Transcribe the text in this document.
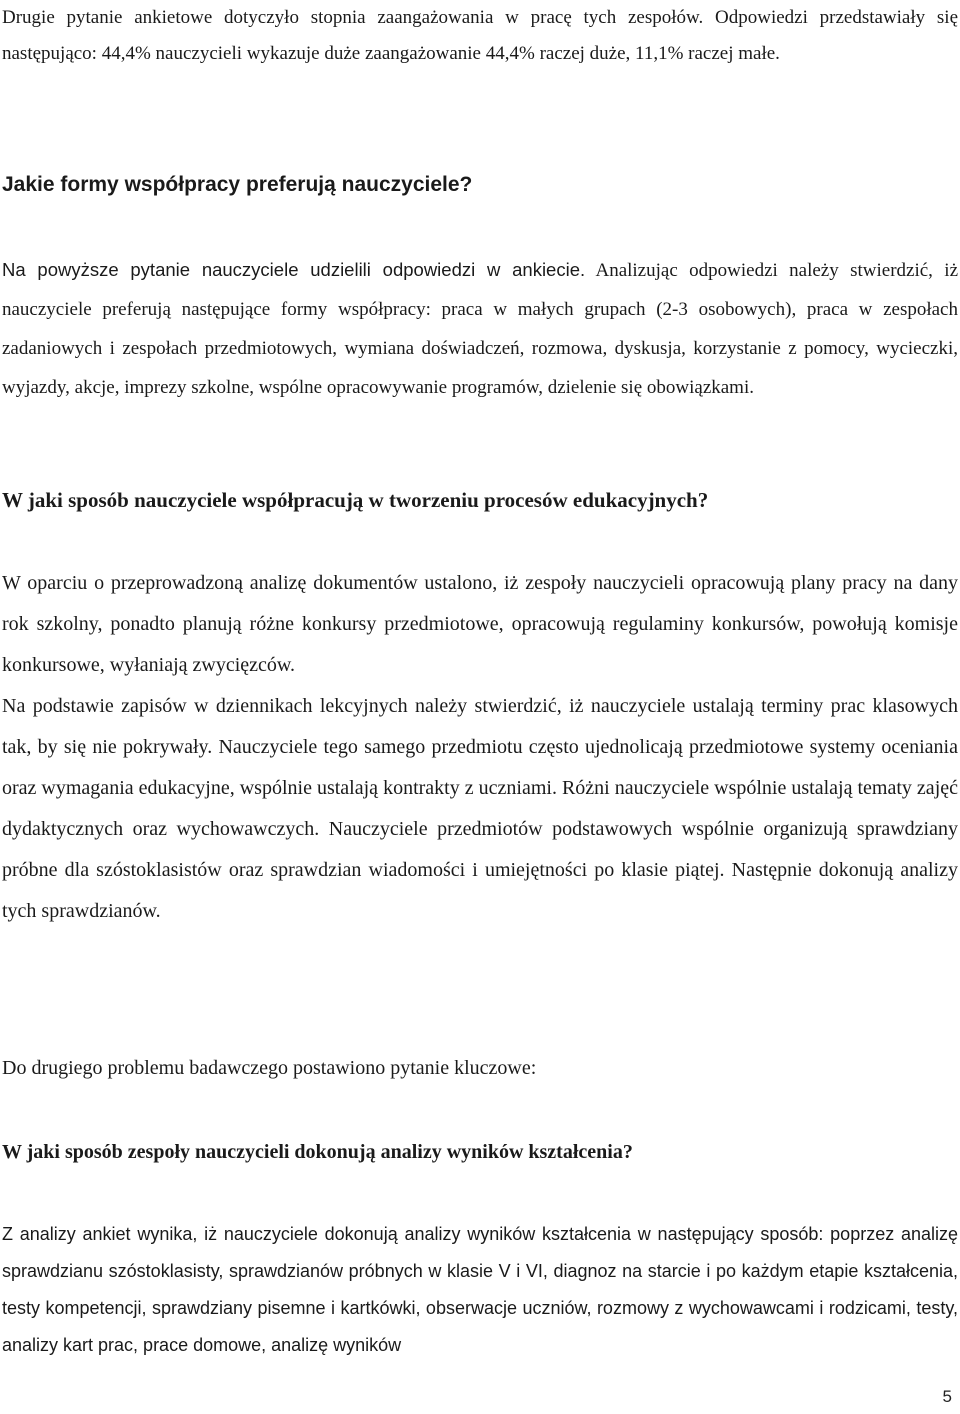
Drugie pytanie ankietowe dotyczyło stopnia zaangażowania w pracę tych zespołów. Odpowiedzi przedstawiały się następująco: 44,4% nauczycieli wykazuje duże zaangażowanie 44,4% raczej duże, 11,1% raczej małe.

Jakie formy współpracy preferują nauczyciele?

Na powyższe pytanie nauczyciele udzielili odpowiedzi w ankiecie. Analizując odpowiedzi należy stwierdzić, iż nauczyciele preferują następujące formy współpracy: praca w małych grupach (2-3 osobowych), praca w zespołach zadaniowych i zespołach przedmiotowych, wymiana doświadczeń, rozmowa, dyskusja, korzystanie z pomocy, wycieczki, wyjazdy, akcje, imprezy szkolne, wspólne opracowywanie programów, dzielenie się obowiązkami.

W jaki sposób nauczyciele współpracują w tworzeniu procesów edukacyjnych?

W oparciu o przeprowadzoną analizę dokumentów ustalono, iż zespoły nauczycieli opracowują plany pracy na dany rok szkolny, ponadto planują różne konkursy przedmiotowe, opracowują regulaminy konkursów, powołują komisje konkursowe, wyłaniają zwycięzców.
Na podstawie zapisów w dziennikach lekcyjnych należy stwierdzić, iż nauczyciele ustalają terminy prac klasowych tak, by się nie pokrywały. Nauczyciele tego samego przedmiotu często ujednolicają przedmiotowe systemy oceniania oraz wymagania edukacyjne, wspólnie ustalają kontrakty z uczniami. Różni nauczyciele wspólnie ustalają tematy zajęć dydaktycznych oraz wychowawczych. Nauczyciele przedmiotów podstawowych wspólnie organizują sprawdziany próbne dla szóstoklasistów oraz sprawdzian wiadomości i umiejętności po klasie piątej. Następnie dokonują analizy tych sprawdzianów.

Do drugiego problemu badawczego postawiono pytanie kluczowe:

W jaki sposób zespoły nauczycieli dokonują analizy wyników kształcenia?

Z analizy ankiet wynika, iż nauczyciele dokonują analizy wyników kształcenia w następujący sposób: poprzez analizę sprawdzianu szóstoklasisty, sprawdzianów próbnych w klasie V i VI, diagnoz na starcie i po każdym etapie kształcenia, testy kompetencji, sprawdziany pisemne i kartkówki, obserwacje uczniów, rozmowy z wychowawcami i rodzicami, testy, analizy kart prac, prace domowe, analizę wyników

5
